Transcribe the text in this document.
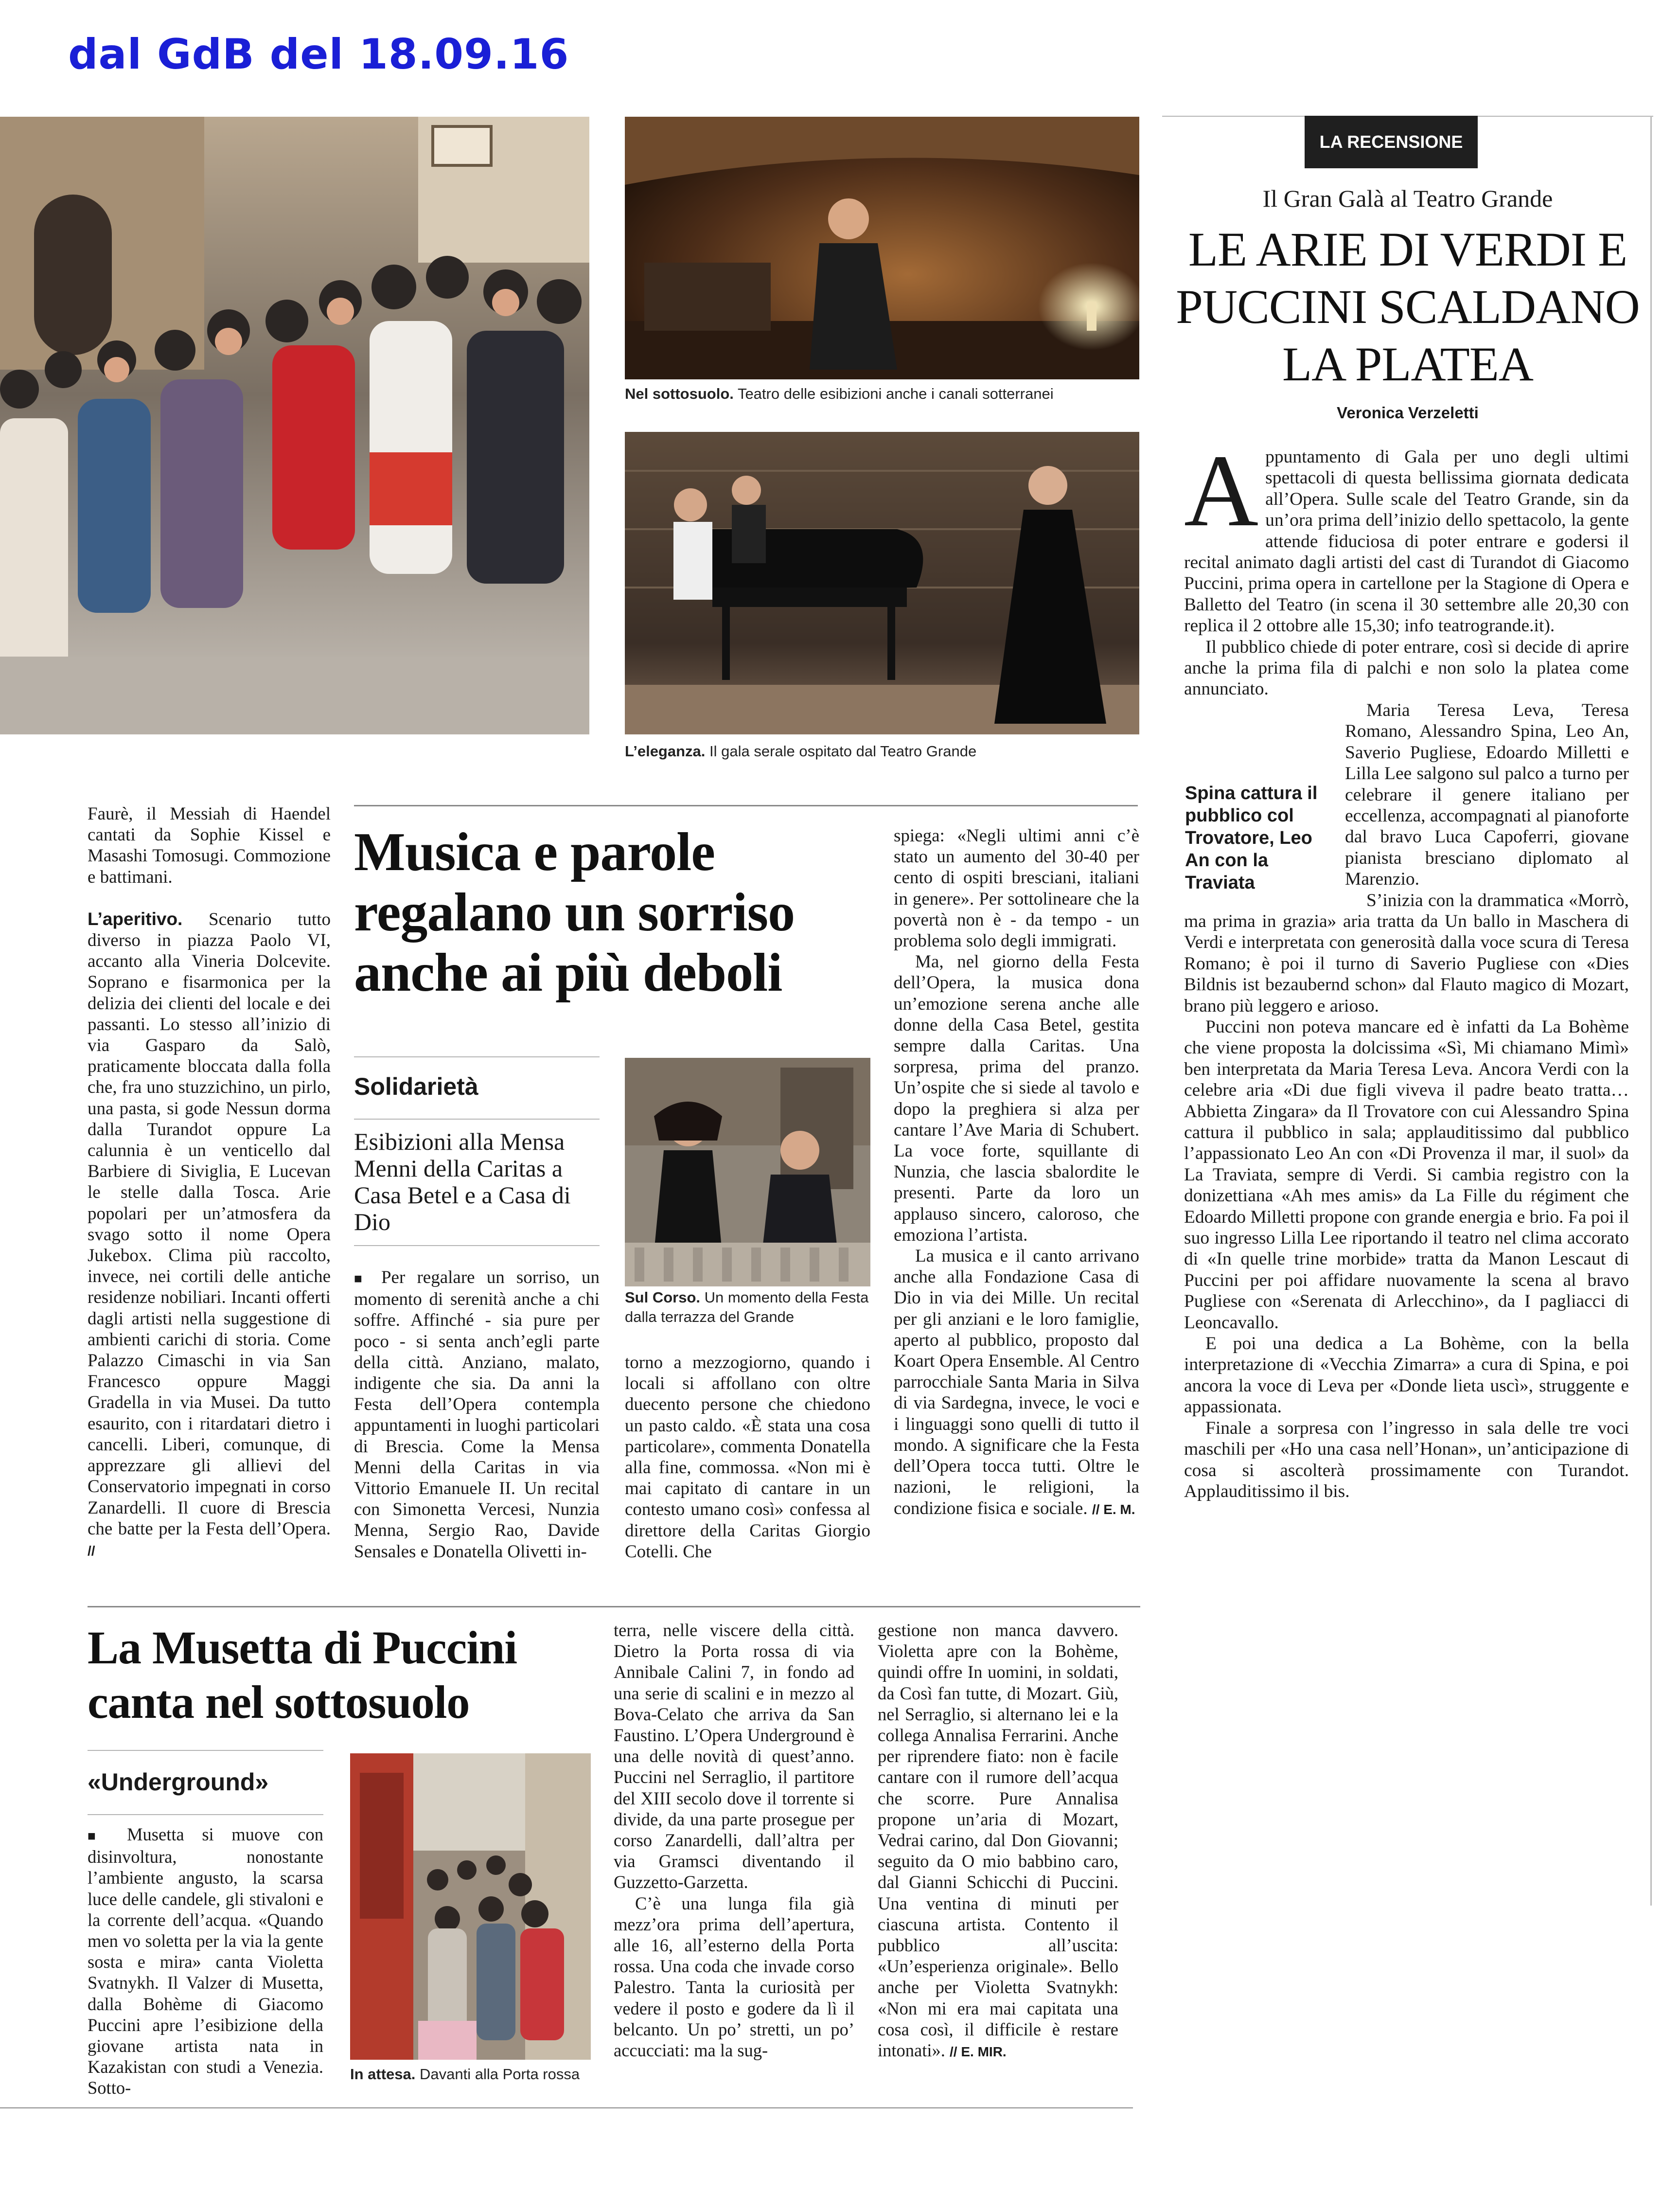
dal GdB del 18.09.16
Nel sottosuolo. Teatro delle esibizioni anche i canali sotterranei
L’eleganza. Il gala serale ospitato dal Teatro Grande
LA RECENSIONE
Il Gran Galà al Teatro Grande
LE ARIE DI VERDI E PUCCINI SCALDANO LA PLATEA
Veronica Verzeletti

Appuntamento di Gala per uno degli ultimi spettacoli di questa bellissima giornata dedicata all’Opera. Sulle scale del Teatro Grande, sin da un’ora prima dell’inizio dello spettacolo, la gente attende fiduciosa di poter entrare e godersi il recital animato dagli artisti del cast di Turandot di Giacomo Puccini, prima opera in cartellone per la Stagione di Opera e Balletto del Teatro (in scena il 30 settembre alle 20,30 con replica il 2 ottobre alle 15,30; info teatrogrande.it).

Il pubblico chiede di poter entrare, così si decide di aprire anche la prima fila di palchi e non solo la platea come annunciato.

Maria Teresa Leva, Teresa Romano, Alessandro Spina, Leo An, Saverio Pugliese, Edoardo Milletti e Lilla Lee salgono sul palco a turno per celebrare il genere italiano per eccellenza, accompagnati al pianoforte dal bravo Luca Capoferri, giovane pianista bresciano diplomato al Marenzio.

S’inizia con la drammatica «Morrò, ma prima in grazia» aria tratta da Un ballo in Maschera di Verdi e interpretata con generosità dalla voce scura di Teresa Romano; è poi il turno di Saverio Pugliese con «Dies Bildnis ist bezaubernd schon» dal Flauto magico di Mozart, brano più leggero e arioso.

Puccini non poteva mancare ed è infatti da La Bohème che viene proposta la dolcissima «Sì, Mi chiamano Mimì» ben interpretata da Maria Teresa Leva. Ancora Verdi con la celebre aria «Di due figli viveva il padre beato tratta… Abbietta Zingara» da Il Trovatore con cui Alessandro Spina cattura il pubblico in sala; applauditissimo dal pubblico l’appassionato Leo An con «Di Provenza il mar, il suol» da La Traviata, sempre di Verdi. Si cambia registro con la donizettiana «Ah mes amis» da La Fille du régiment che Edoardo Milletti propone con grande energia e brio. Fa poi il suo ingresso Lilla Lee riportando il teatro nel clima accorato di «In quelle trine morbide» tratta da Manon Lescaut di Puccini per poi affidare nuovamente la scena al bravo Pugliese con «Serenata di Arlecchino», da I pagliacci di Leoncavallo.

E poi una dedica a La Bohème, con la bella interpretazione di «Vecchia Zimarra» a cura di Spina, e poi ancora la voce di Leva per «Donde lieta uscì», struggente e appassionata.

Finale a sorpresa con l’ingresso in sala delle tre voci maschili per «Ho una casa nell’Honan», un’anticipazione di cosa si ascolterà prossimamente con Turandot. Applauditissimo il bis.

Spina cattura il pubblico col Trovatore, Leo An con la Traviata

Faurè, il Messiah di Haendel cantati da Sophie Kissel e Masashi Tomosugi. Commozione e battimani.

L’aperitivo. Scenario tutto diverso in piazza Paolo VI, accanto alla Vineria Dolcevite. Soprano e fisarmonica per la delizia dei clienti del locale e dei passanti. Lo stesso all’inizio di via Gasparo da Salò, praticamente bloccata dalla folla che, fra uno stuzzichino, un pirlo, una pasta, si gode Nessun dorma dalla Turandot oppure La calunnia è un venticello dal Barbiere di Siviglia, E Lucevan le stelle dalla Tosca. Arie popolari per un’atmosfera da svago sotto il nome Opera Jukebox. Clima più raccolto, invece, nei cortili delle antiche residenze nobiliari. Incanti offerti dagli artisti nella suggestione di ambienti carichi di storia. Come Palazzo Cimaschi in via San Francesco oppure Maggi Gradella in via Musei. Da tutto esaurito, con i ritardatari dietro i cancelli. Liberi, comunque, di apprezzare gli allievi del Conservatorio impegnati in corso Zanardelli. Il cuore di Brescia che batte per la Festa dell’Opera. //

Musica e parole regalano un sorriso anche ai più deboli
Solidarietà
Esibizioni alla Mensa Menni della Caritas a Casa Betel e a Casa di Dio
Sul Corso. Un momento della Festa dalla terrazza del Grande

■ Per regalare un sorriso, un momento di serenità anche a chi soffre. Affinché - sia pure per poco - si senta anch’egli parte della città. Anziano, malato, indigente che sia. Da anni la Festa dell’Opera contempla appuntamenti in luoghi particolari di Brescia. Come la Mensa Menni della Caritas in via Vittorio Emanuele II. Un recital con Simonetta Vercesi, Nunzia Menna, Sergio Rao, Davide Sensales e Donatella Olivetti in-

torno a mezzogiorno, quando i locali si affollano con oltre duecento persone che chiedono un pasto caldo. «È stata una cosa particolare», commenta Donatella alla fine, commossa. «Non mi è mai capitato di cantare in un contesto umano così» confessa al direttore della Caritas Giorgio Cotelli. Che

spiega: «Negli ultimi anni c’è stato un aumento del 30-40 per cento di ospiti bresciani, italiani in genere». Per sottolineare che la povertà non è - da tempo - un problema solo degli immigrati.

Ma, nel giorno della Festa dell’Opera, la musica dona un’emozione serena anche alle donne della Casa Betel, gestita sempre dalla Caritas. Una sorpresa, prima del pranzo. Un’ospite che si siede al tavolo e dopo la preghiera si alza per cantare l’Ave Maria di Schubert. La voce forte, squillante di Nunzia, che lascia sbalordite le presenti. Parte da loro un applauso sincero, caloroso, che emoziona l’artista.

La musica e il canto arrivano anche alla Fondazione Casa di Dio in via dei Mille. Un recital per gli anziani e le loro famiglie, aperto al pubblico, proposto dal Koart Opera Ensemble. Al Centro parrocchiale Santa Maria in Silva di via Sardegna, invece, le voci e i linguaggi sono quelli di tutto il mondo. A significare che la Festa dell’Opera tocca tutti. Oltre le nazioni, le religioni, la condizione fisica e sociale. // E. M.

La Musetta di Puccini canta nel sottosuolo
«Underground»

■ Musetta si muove con disinvoltura, nonostante l’ambiente angusto, la scarsa luce delle candele, gli stivaloni e la corrente dell’acqua. «Quando men vo soletta per la via la gente sosta e mira» canta Violetta Svatnykh. Il Valzer di Musetta, dalla Bohème di Giacomo Puccini apre l’esibizione della giovane artista nata in Kazakistan con studi a Venezia. Sotto-

In attesa. Davanti alla Porta rossa

terra, nelle viscere della città. Dietro la Porta rossa di via Annibale Calini 7, in fondo ad una serie di scalini e in mezzo al Bova-Celato che arriva da San Faustino. L’Opera Underground è una delle novità di quest’anno. Puccini nel Serraglio, il partitore del XIII secolo dove il torrente si divide, da una parte prosegue per corso Zanardelli, dall’altra per via Gramsci diventando il Guzzetto-Garzetta.

C’è una lunga fila già mezz’ora prima dell’apertura, alle 16, all’esterno della Porta rossa. Una coda che invade corso Palestro. Tanta la curiosità per vedere il posto e godere da lì il belcanto. Un po’ stretti, un po’ accucciati: ma la sug-

gestione non manca davvero. Violetta apre con la Bohème, quindi offre In uomini, in soldati, da Così fan tutte, di Mozart. Giù, nel Serraglio, si alternano lei e la collega Annalisa Ferrarini. Anche per riprendere fiato: non è facile cantare con il rumore dell’acqua che scorre. Pure Annalisa propone un’aria di Mozart, Vedrai carino, dal Don Giovanni; seguito da O mio babbino caro, dal Gianni Schicchi di Puccini. Una ventina di minuti per ciascuna artista. Contento il pubblico all’uscita: «Un’esperienza originale». Bello anche per Violetta Svatnykh: «Non mi era mai capitata una cosa così, il difficile è restare intonati». // E. MIR.
